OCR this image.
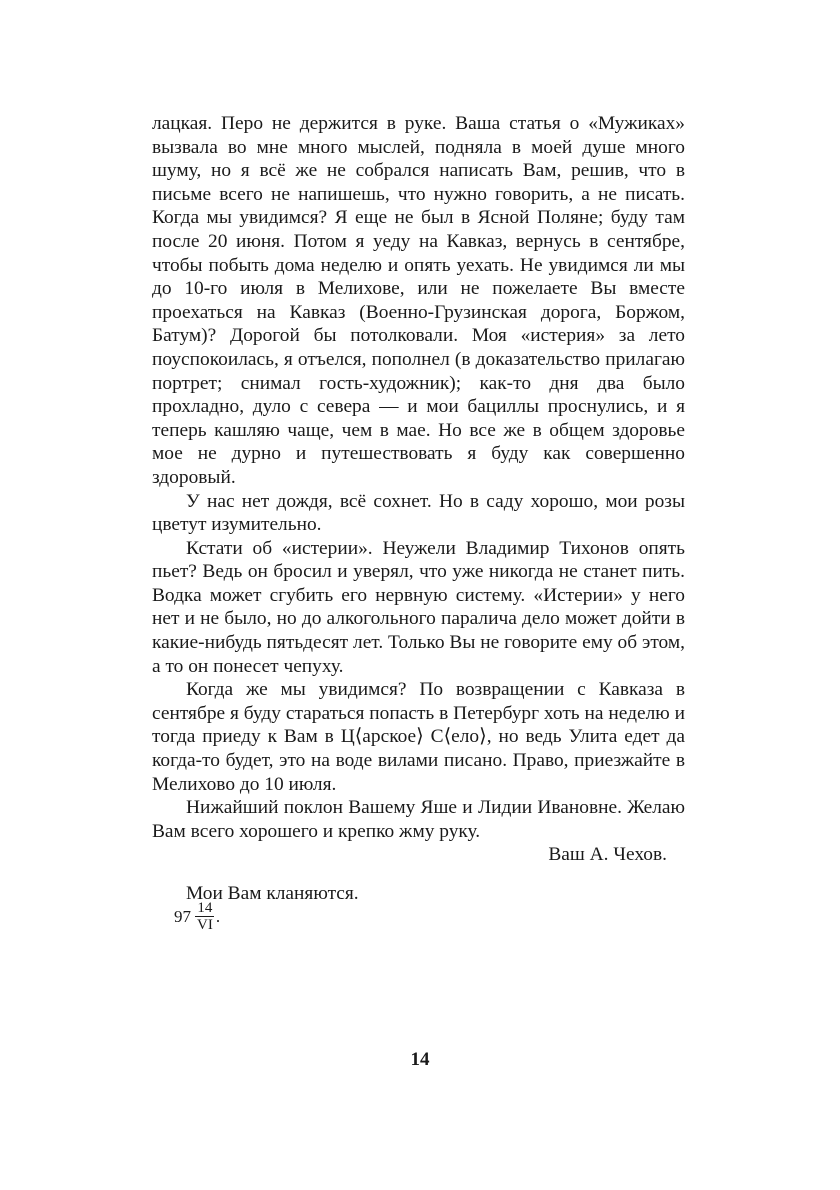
лацкая. Перо не держится в руке. Ваша статья о «Мужиках» вызвала во мне много мыслей, подняла в моей душе много шуму, но я всё же не собрался написать Вам, решив, что в письме всего не напишешь, что нужно говорить, а не писать. Когда мы увидимся? Я еще не был в Ясной Поляне; буду там после 20 июня. Потом я уеду на Кавказ, вернусь в сентябре, чтобы побыть дома неделю и опять уехать. Не увидимся ли мы до 10-го июля в Мелихове, или не пожелаете Вы вместе проехаться на Кавказ (Военно-Грузинская дорога, Боржом, Батум)? Дорогой бы потолковали. Моя «истерия» за лето поуспокоилась, я отъелся, пополнел (в доказательство прилагаю портрет; снимал гость-художник); как-то дня два было прохладно, дуло с севера — и мои бациллы проснулись, и я теперь кашляю чаще, чем в мае. Но все же в общем здоровье мое не дурно и путешествовать я буду как совершенно здоровый.

У нас нет дождя, всё сохнет. Но в саду хорошо, мои розы цветут изумительно.

Кстати об «истерии». Неужели Владимир Тихонов опять пьет? Ведь он бросил и уверял, что уже никогда не станет пить. Водка может сгубить его нервную систему. «Истерии» у него нет и не было, но до алкогольного паралича дело может дойти в какие-нибудь пятьдесят лет. Только Вы не говорите ему об этом, а то он понесет чепуху.

Когда же мы увидимся? По возвращении с Кавказа в сентябре я буду стараться попасть в Петербург хоть на неделю и тогда приеду к Вам в Ц⟨арское⟩ С⟨ело⟩, но ведь Улита едет да когда-то будет, это на воде вилами писано. Право, приезжайте в Мелихово до 10 июля.

Нижайший поклон Вашему Яше и Лидии Ивановне. Желаю Вам всего хорошего и крепко жму руку.

Ваш А. Чехов.

Мои Вам кланяются.

$97 \frac{14}{VI}$ .
14
